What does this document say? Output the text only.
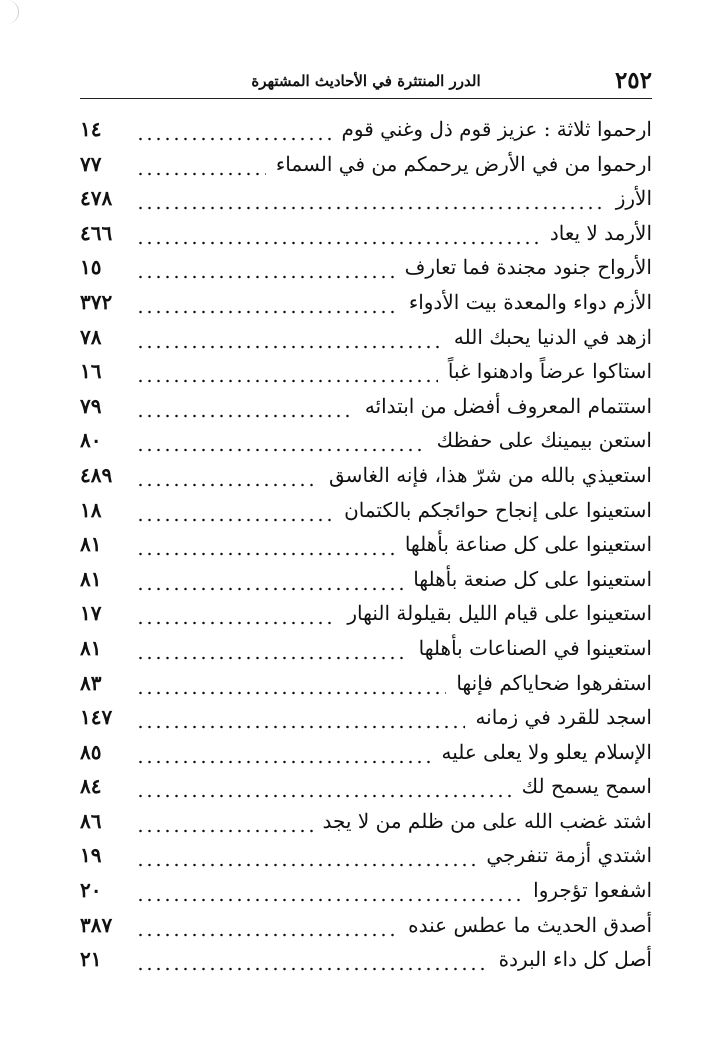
٢٥٢
الدرر المنتثرة في الأحاديث المشتهرة
ارحموا ثلاثة : عزيز قوم ذل وغني قوم
١٤
ارحموا من في الأرض يرحمكم من في السماء
٧٧
الأرز
٤٧٨
الأرمد لا يعاد
٤٦٦
الأرواح جنود مجندة فما تعارف
١٥
الأزم دواء والمعدة بيت الأدواء
٣٧٢
ازهد في الدنيا يحبك الله
٧٨
استاكوا عرضاً وادهنوا غباً
١٦
استتمام المعروف أفضل من ابتدائه
٧٩
استعن بيمينك على حفظك
٨٠
استعيذي بالله من شرّ هذا، فإنه الغاسق
٤٨٩
استعينوا على إنجاح حوائجكم بالكتمان
١٨
استعينوا على كل صناعة بأهلها
٨١
استعينوا على كل صنعة بأهلها
٨١
استعينوا على قيام الليل بقيلولة النهار
١٧
استعينوا في الصناعات بأهلها
٨١
استفرهوا ضحاياكم فإنها
٨٣
اسجد للقرد في زمانه
١٤٧
الإسلام يعلو ولا يعلى عليه
٨٥
اسمح يسمح لك
٨٤
اشتد غضب الله على من ظلم من لا يجد
٨٦
اشتدي أزمة تنفرجي
١٩
اشفعوا تؤجروا
٢٠
أصدق الحديث ما عطس عنده
٣٨٧
أصل كل داء البردة
٢١
